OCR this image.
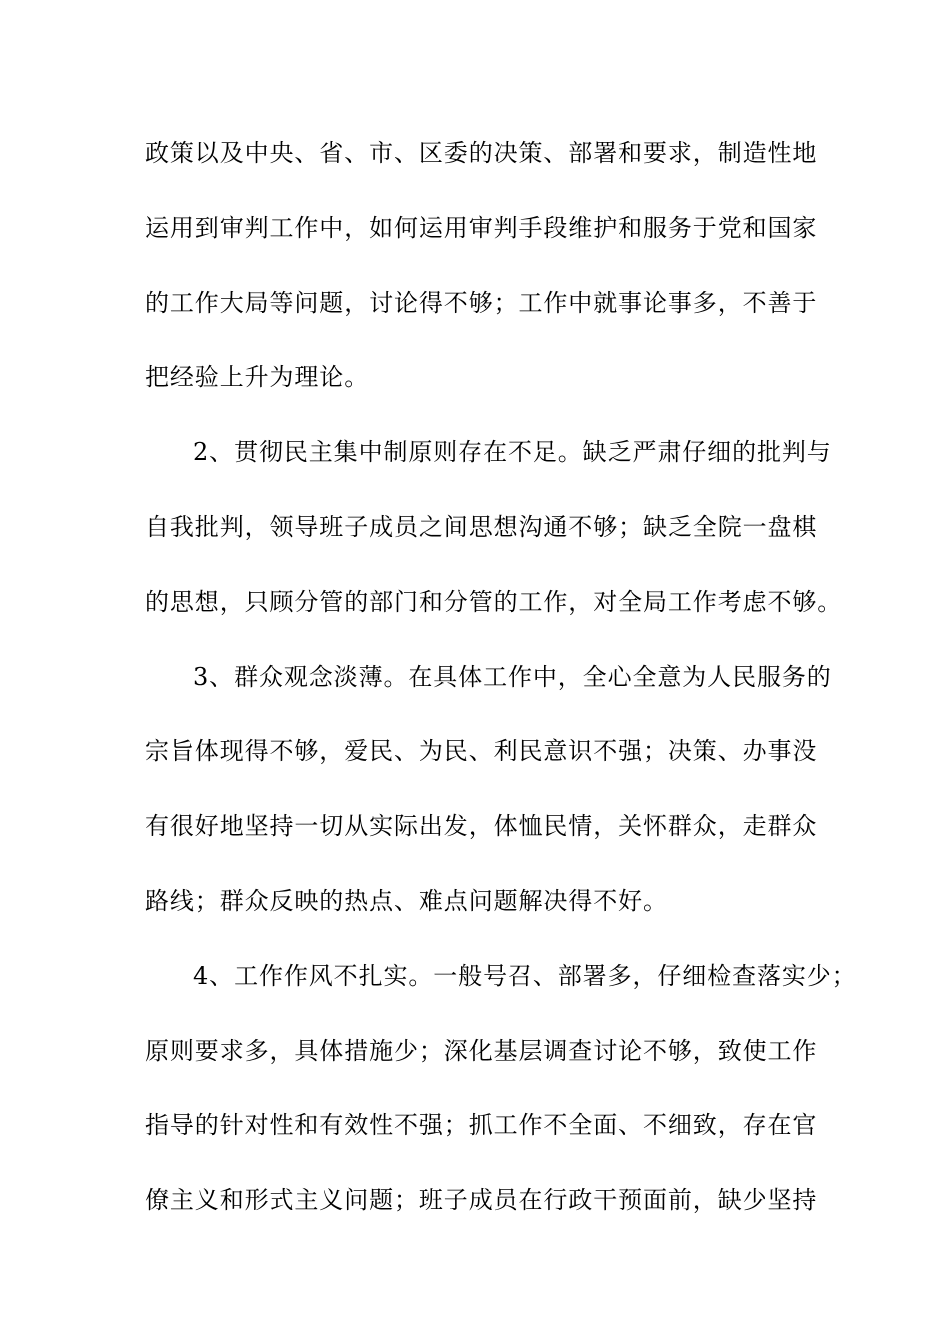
政策以及中央、省、市、区委的决策、部署和要求，制造性地

运用到审判工作中，如何运用审判手段维护和服务于党和国家

的工作大局等问题，讨论得不够；工作中就事论事多，不善于

把经验上升为理论。

2、贯彻民主集中制原则存在不足。缺乏严肃仔细的批判与

自我批判，领导班子成员之间思想沟通不够；缺乏全院一盘棋

的思想，只顾分管的部门和分管的工作，对全局工作考虑不够。

3、群众观念淡薄。在具体工作中，全心全意为人民服务的

宗旨体现得不够，爱民、为民、利民意识不强；决策、办事没

有很好地坚持一切从实际出发，体恤民情，关怀群众，走群众

路线；群众反映的热点、难点问题解决得不好。

4、工作作风不扎实。一般号召、部署多，仔细检查落实少；

原则要求多，具体措施少；深化基层调查讨论不够，致使工作

指导的针对性和有效性不强；抓工作不全面、不细致，存在官

僚主义和形式主义问题；班子成员在行政干预面前，缺少坚持
